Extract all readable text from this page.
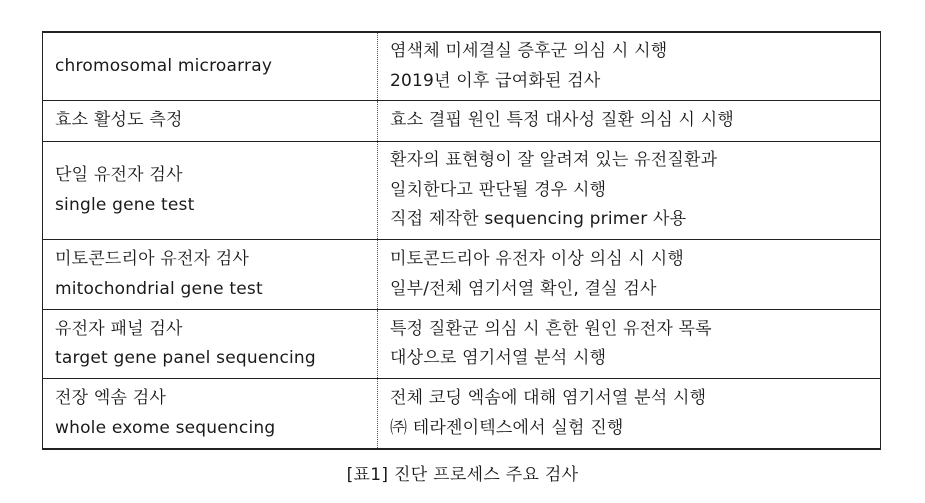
chromosomal microarray	염색체 미세결실 증후군 의심 시 시행
2019년 이후 급여화된 검사

효소 활성도 측정	효소 결핍 원인 특정 대사성 질환 의심 시 시행

단일 유전자 검사
single gene test	환자의 표현형이 잘 알려져 있는 유전질환과
일치한다고 판단될 경우 시행
직접 제작한 sequencing primer 사용

미토콘드리아 유전자 검사
mitochondrial gene test	미토콘드리아 유전자 이상 의심 시 시행
일부/전체 염기서열 확인, 결실 검사

유전자 패널 검사
target gene panel sequencing	특정 질환군 의심 시 흔한 원인 유전자 목록
대상으로 염기서열 분석 시행

전장 엑솜 검사
whole exome sequencing	전체 코딩 엑솜에 대해 염기서열 분석 시행
㈜ 테라젠이텍스에서 실험 진행
[표1] 진단 프로세스 주요 검사
